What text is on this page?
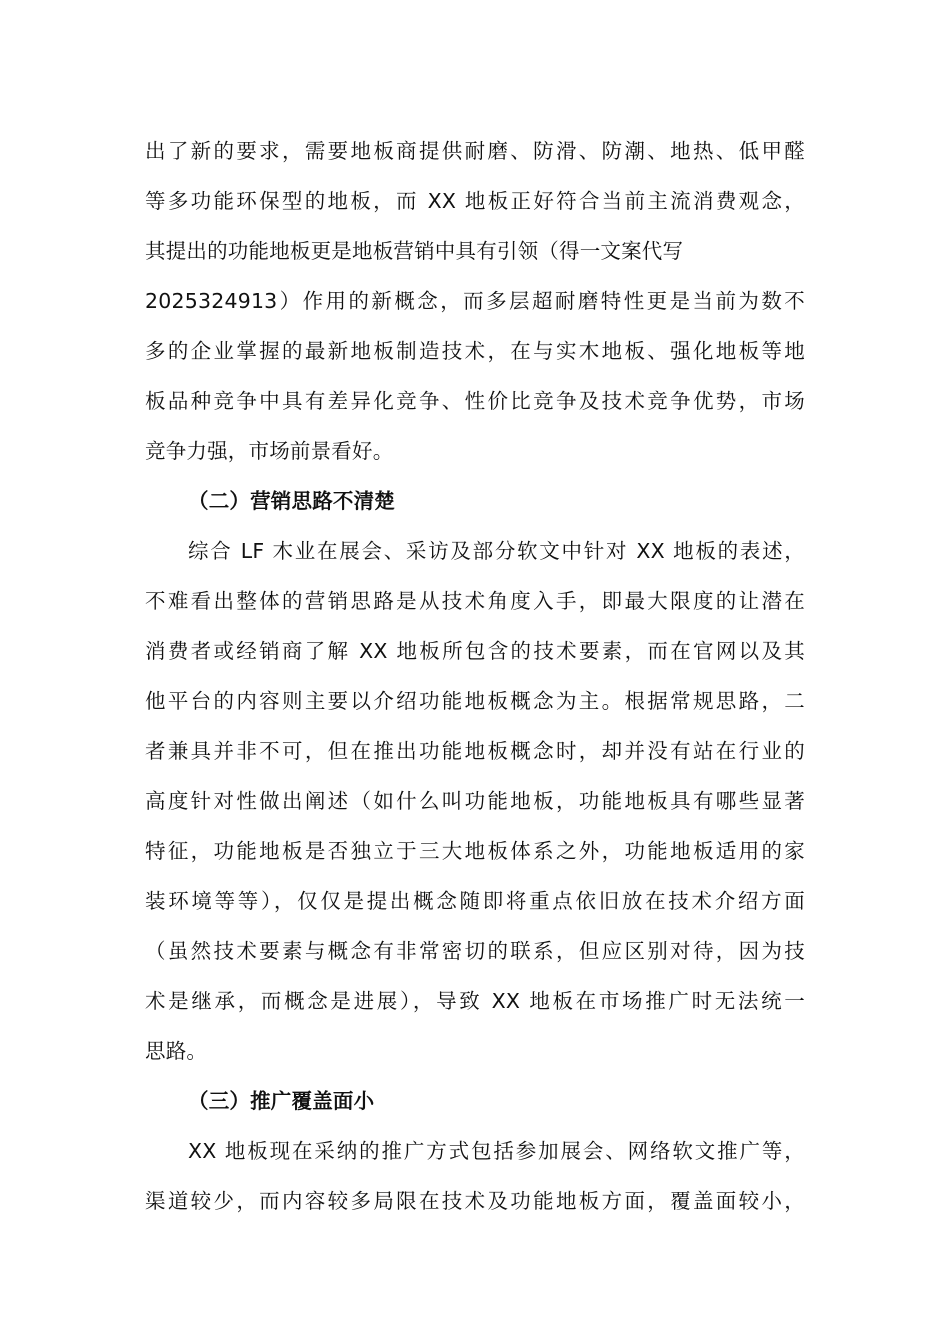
出了新的要求，需要地板商提供耐磨、防滑、防潮、地热、低甲醛
等多功能环保型的地板，而 XX 地板正好符合当前主流消费观念，
其提出的功能地板更是地板营销中具有引领（得一文案代写
2025324913）作用的新概念，而多层超耐磨特性更是当前为数不
多的企业掌握的最新地板制造技术，在与实木地板、强化地板等地
板品种竞争中具有差异化竞争、性价比竞争及技术竞争优势，市场
竞争力强，市场前景看好。
（二）营销思路不清楚
综合 LF 木业在展会、采访及部分软文中针对 XX 地板的表述，
不难看出整体的营销思路是从技术角度入手，即最大限度的让潜在
消费者或经销商了解 XX 地板所包含的技术要素，而在官网以及其
他平台的内容则主要以介绍功能地板概念为主。根据常规思路，二
者兼具并非不可，但在推出功能地板概念时，却并没有站在行业的
高度针对性做出阐述（如什么叫功能地板，功能地板具有哪些显著
特征，功能地板是否独立于三大地板体系之外，功能地板适用的家
装环境等等），仅仅是提出概念随即将重点依旧放在技术介绍方面
（虽然技术要素与概念有非常密切的联系，但应区别对待，因为技
术是继承，而概念是进展），导致 XX 地板在市场推广时无法统一
思路。
（三）推广覆盖面小
XX 地板现在采纳的推广方式包括参加展会、网络软文推广等，
渠道较少，而内容较多局限在技术及功能地板方面，覆盖面较小，
